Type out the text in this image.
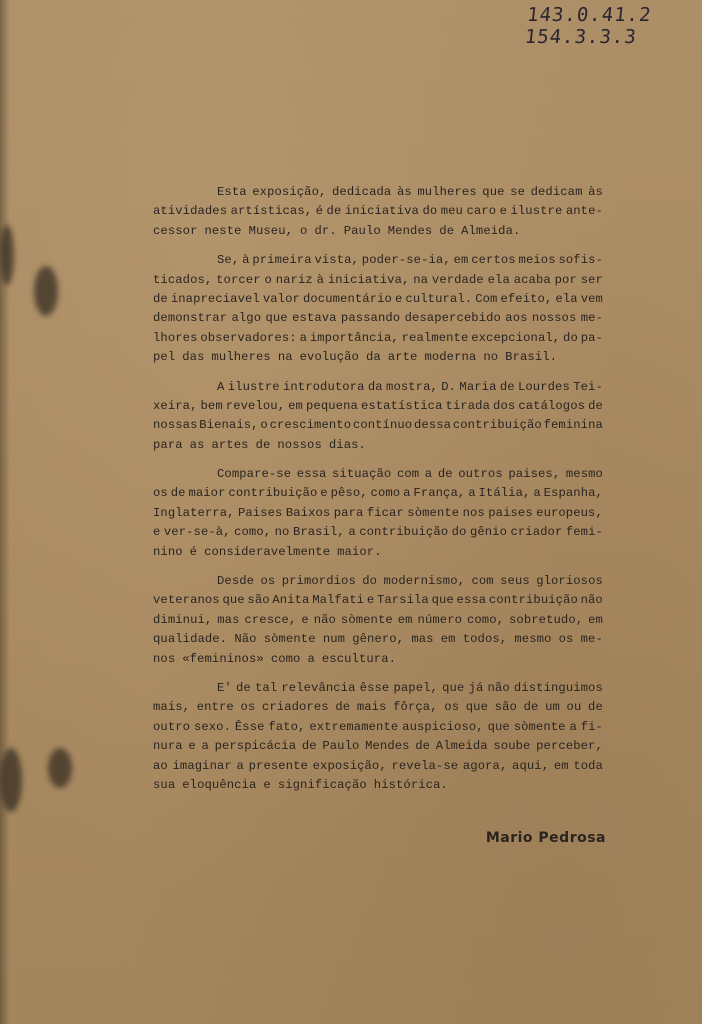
143.0.41.2
154.3.3.3
Esta exposição, dedicada às mulheres que se dedicam às
atividades artísticas, é de iniciativa do meu caro e ilustre ante-
cessor neste Museu, o dr. Paulo Mendes de Almeida.
Se, à primeira vista, poder-se-ia, em certos meios sofis-
ticados, torcer o nariz à iniciativa, na verdade ela acaba por ser
de inapreciavel valor documentário e cultural. Com efeito, ela vem
demonstrar algo que estava passando desapercebido aos nossos me-
lhores observadores: a importância, realmente excepcional, do pa-
pel das mulheres na evolução da arte moderna no Brasil.
A ilustre introdutora da mostra, D. Maria de Lourdes Tei-
xeira, bem revelou, em pequena estatística tirada dos catálogos de
nossas Bienais, o crescimento contínuo dessa contribuição feminina
para as artes de nossos dias.
Compare-se essa situação com a de outros paises, mesmo
os de maior contribuição e pêso, como a França, a Itália, a Espanha,
Inglaterra, Paises Baixos para ficar sòmente nos paises europeus,
e ver-se-à, como, no Brasil, a contribuição do gênio criador femi-
nino é consideravelmente maior.
Desde os primordios do modernismo, com seus gloriosos
veteranos que são Anita Malfati e Tarsila que essa contribuição não
diminui, mas cresce, e não sòmente em número como, sobretudo, em
qualidade. Não sòmente num gênero, mas em todos, mesmo os me-
nos «femininos» como a escultura.
E' de tal relevância êsse papel, que já não distinguimos
mais, entre os criadores de mais fôrça, os que são de um ou de
outro sexo. Êsse fato, extremamente auspicioso, que sòmente a fi-
nura e a perspicácia de Paulo Mendes de Almeida soube perceber,
ao imaginar a presente exposição, revela-se agora, aqui, em toda
sua eloquência e significação histórica.
Mario Pedrosa
